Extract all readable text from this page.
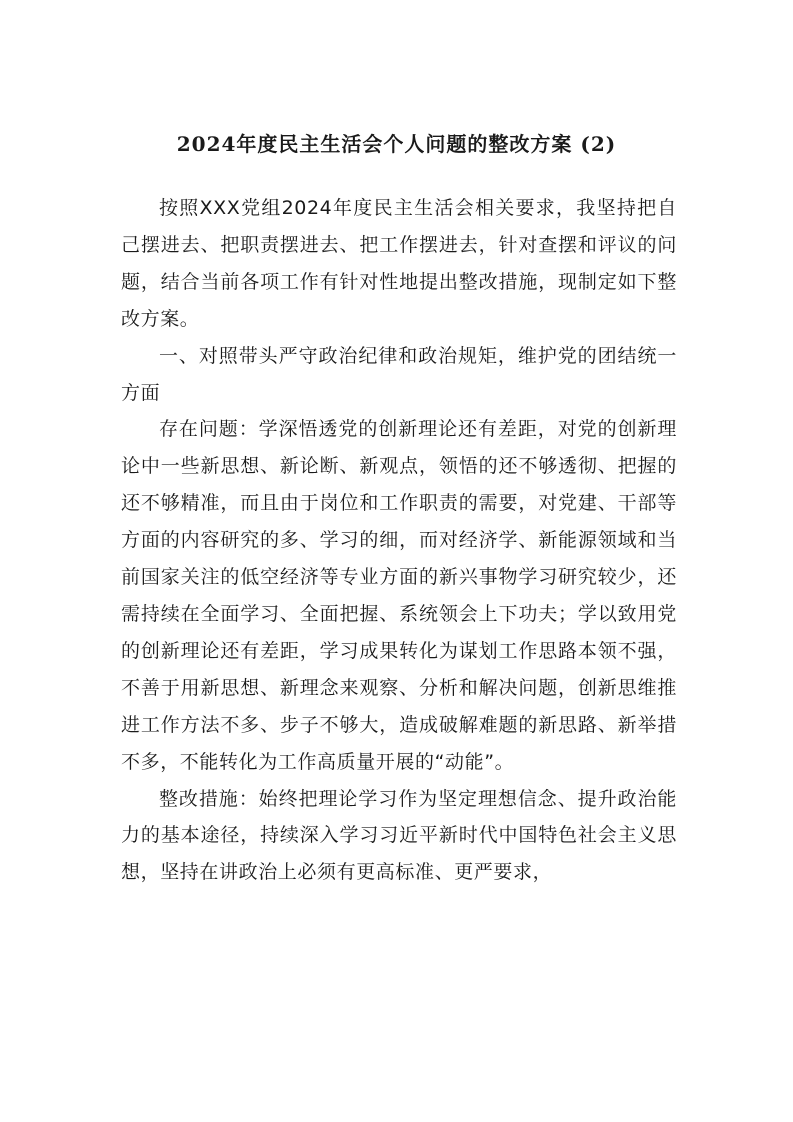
2024年度民主生活会个人问题的整改方案 (2)

按照XXX党组2024年度民主生活会相关要求，我坚持把自己摆进去、把职责摆进去、把工作摆进去，针对查摆和评议的问题，结合当前各项工作有针对性地提出整改措施，现制定如下整改方案。

一、对照带头严守政治纪律和政治规矩，维护党的团结统一方面

存在问题：学深悟透党的创新理论还有差距，对党的创新理论中一些新思想、新论断、新观点，领悟的还不够透彻、把握的还不够精准，而且由于岗位和工作职责的需要，对党建、干部等方面的内容研究的多、学习的细，而对经济学、新能源领域和当前国家关注的低空经济等专业方面的新兴事物学习研究较少，还需持续在全面学习、全面把握、系统领会上下功夫；学以致用党的创新理论还有差距，学习成果转化为谋划工作思路本领不强，不善于用新思想、新理念来观察、分析和解决问题，创新思维推进工作方法不多、步子不够大，造成破解难题的新思路、新举措不多，不能转化为工作高质量开展的“动能”。

整改措施：始终把理论学习作为坚定理想信念、提升政治能力的基本途径，持续深入学习习近平新时代中国特色社会主义思想，坚持在讲政治上必须有更高标准、更严要求，
